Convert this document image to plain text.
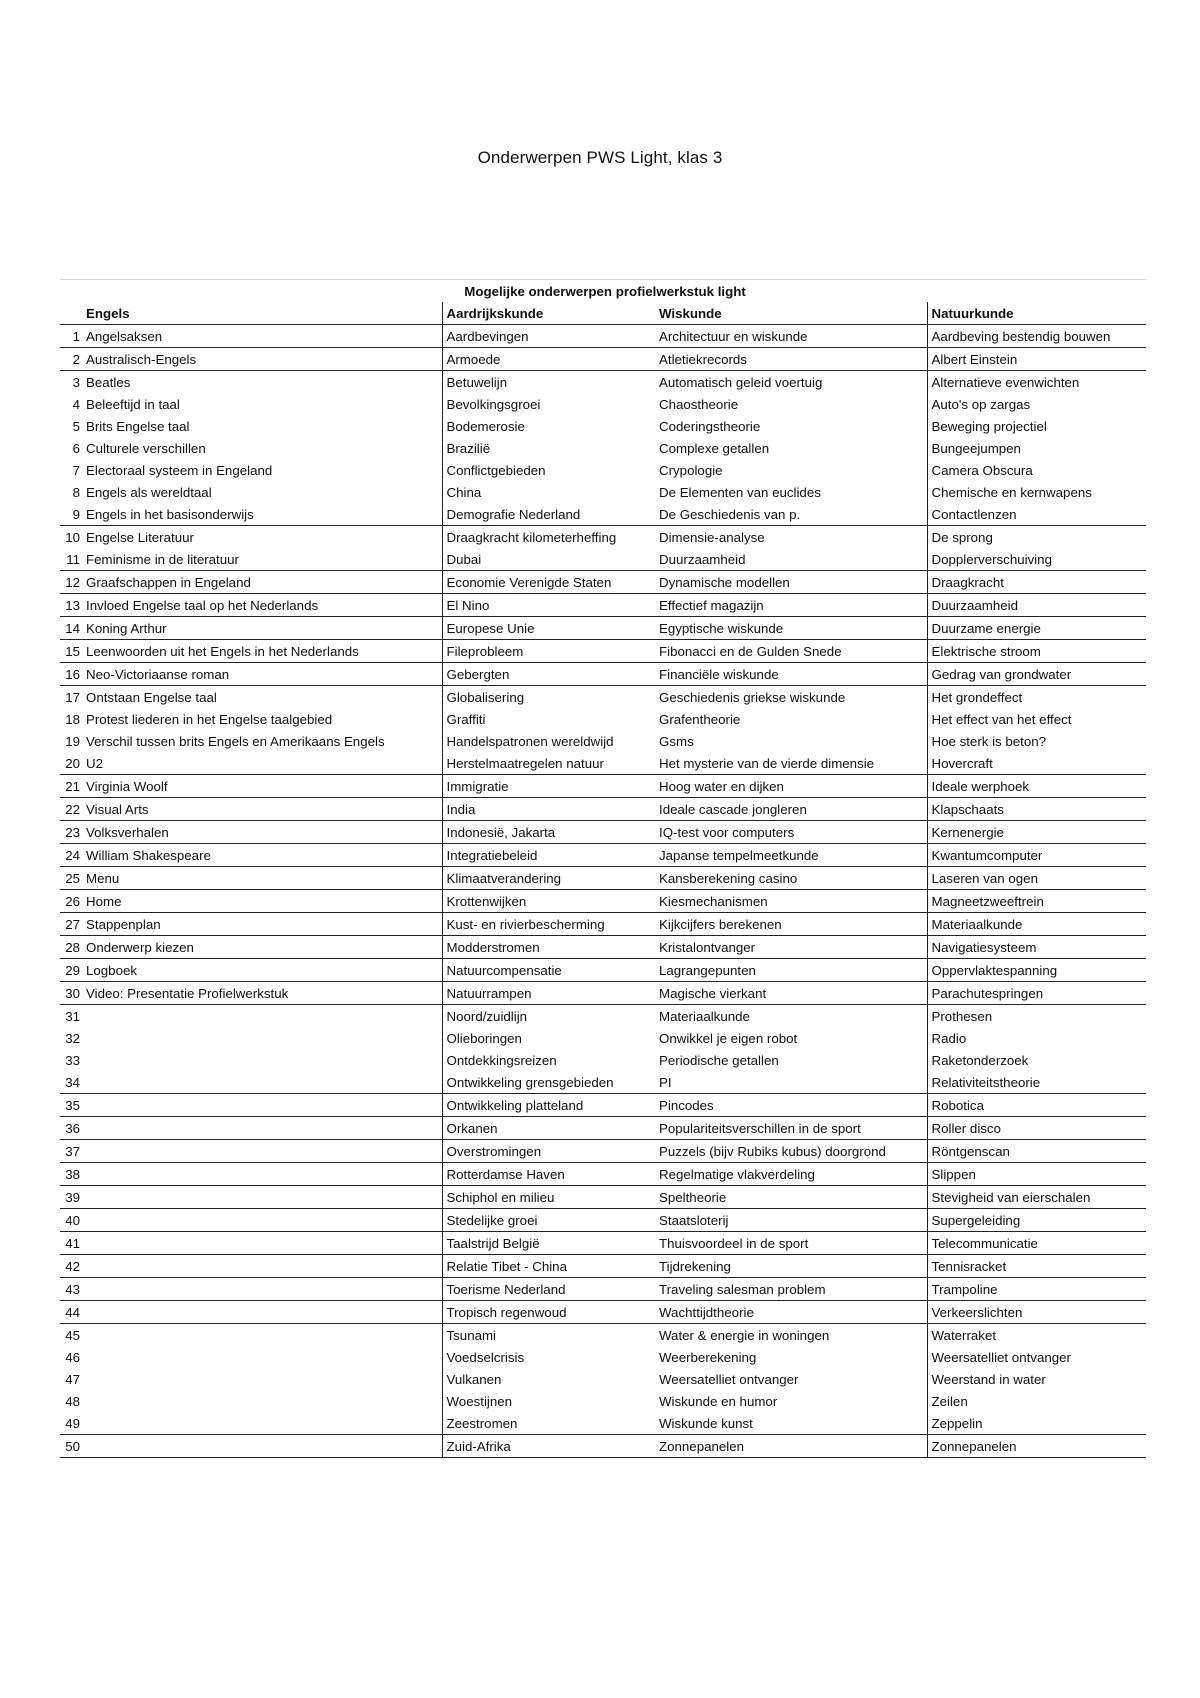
Onderwerpen PWS Light, klas 3
Mogelijke onderwerpen profielwerkstuk light				
	Engels	Aardrijkskunde	Wiskunde	Natuurkunde
1	Angelsaksen	Aardbevingen	Architectuur en wiskunde	Aardbeving bestendig bouwen
2	Australisch-Engels	Armoede	Atletiekrecords	Albert Einstein
3	Beatles	Betuwelijn	Automatisch geleid voertuig	Alternatieve evenwichten
4	Beleeftijd in taal	Bevolkingsgroei	Chaostheorie	Auto's op zargas
5	Brits Engelse taal	Bodemerosie	Coderingstheorie	Beweging projectiel
6	Culturele verschillen	Brazilië	Complexe getallen	Bungeejumpen
7	Electoraal systeem in Engeland	Conflictgebieden	Crypologie	Camera Obscura
8	Engels als wereldtaal	China	De Elementen van euclides	Chemische en kernwapens
9	Engels in het basisonderwijs	Demografie Nederland	De Geschiedenis van p.	Contactlenzen
10	Engelse Literatuur	Draagkracht kilometerheffing	Dimensie-analyse	De sprong
11	Feminisme in de literatuur	Dubai	Duurzaamheid	Dopplerverschuiving
12	Graafschappen in Engeland	Economie Verenigde Staten	Dynamische modellen	Draagkracht
13	Invloed Engelse taal op het Nederlands	El Nino	Effectief magazijn	Duurzaamheid
14	Koning Arthur	Europese Unie	Egyptische wiskunde	Duurzame energie
15	Leenwoorden uit het Engels in het Nederlands	Fileprobleem	Fibonacci en de Gulden Snede	Elektrische stroom
16	Neo-Victoriaanse roman	Gebergten	Financiële wiskunde	Gedrag van grondwater
17	Ontstaan Engelse taal	Globalisering	Geschiedenis griekse wiskunde	Het grondeffect
18	Protest liederen in het Engelse taalgebied	Graffiti	Grafentheorie	Het effect van het effect
19	Verschil tussen brits Engels en Amerikaans Engels	Handelspatronen wereldwijd	Gsms	Hoe sterk is beton?
20	U2	Herstelmaatregelen natuur	Het mysterie van de vierde dimensie	Hovercraft
21	Virginia Woolf	Immigratie	Hoog water en dijken	Ideale werphoek
22	Visual Arts	India	Ideale cascade jongleren	Klapschaats
23	Volksverhalen	Indonesië, Jakarta	IQ-test voor computers	Kernenergie
24	William Shakespeare	Integratiebeleid	Japanse tempelmeetkunde	Kwantumcomputer
25	Menu	Klimaatverandering	Kansberekening casino	Laseren van ogen
26	Home	Krottenwijken	Kiesmechanismen	Magneetzweeftrein
27	Stappenplan	Kust- en rivierbescherming	Kijkcijfers berekenen	Materiaalkunde
28	Onderwerp kiezen	Modderstromen	Kristalontvanger	Navigatiesysteem
29	Logboek	Natuurcompensatie	Lagrangepunten	Oppervlaktespanning
30	Video: Presentatie Profielwerkstuk	Natuurrampen	Magische vierkant	Parachutespringen
31		Noord/zuidlijn	Materiaalkunde	Prothesen
32		Olieboringen	Onwikkel je eigen robot	Radio
33		Ontdekkingsreizen	Periodische getallen	Raketonderzoek
34		Ontwikkeling grensgebieden	PI	Relativiteitstheorie
35		Ontwikkeling platteland	Pincodes	Robotica
36		Orkanen	Populariteitsverschillen in de sport	Roller disco
37		Overstromingen	Puzzels (bijv Rubiks kubus) doorgrond	Röntgenscan
38		Rotterdamse Haven	Regelmatige vlakverdeling	Slippen
39		Schiphol en milieu	Speltheorie	Stevigheid van eierschalen
40		Stedelijke groei	Staatsloterij	Supergeleiding
41		Taalstrijd België	Thuisvoordeel in de sport	Telecommunicatie
42		Relatie Tibet - China	Tijdrekening	Tennisracket
43		Toerisme Nederland	Traveling salesman problem	Trampoline
44		Tropisch regenwoud	Wachttijdtheorie	Verkeerslichten
45		Tsunami	Water & energie in woningen	Waterraket
46		Voedselcrisis	Weerberekening	Weersatelliet ontvanger
47		Vulkanen	Weersatelliet ontvanger	Weerstand in water
48		Woestijnen	Wiskunde en humor	Zeilen
49		Zeestromen	Wiskunde kunst	Zeppelin
50		Zuid-Afrika	Zonnepanelen	Zonnepanelen
